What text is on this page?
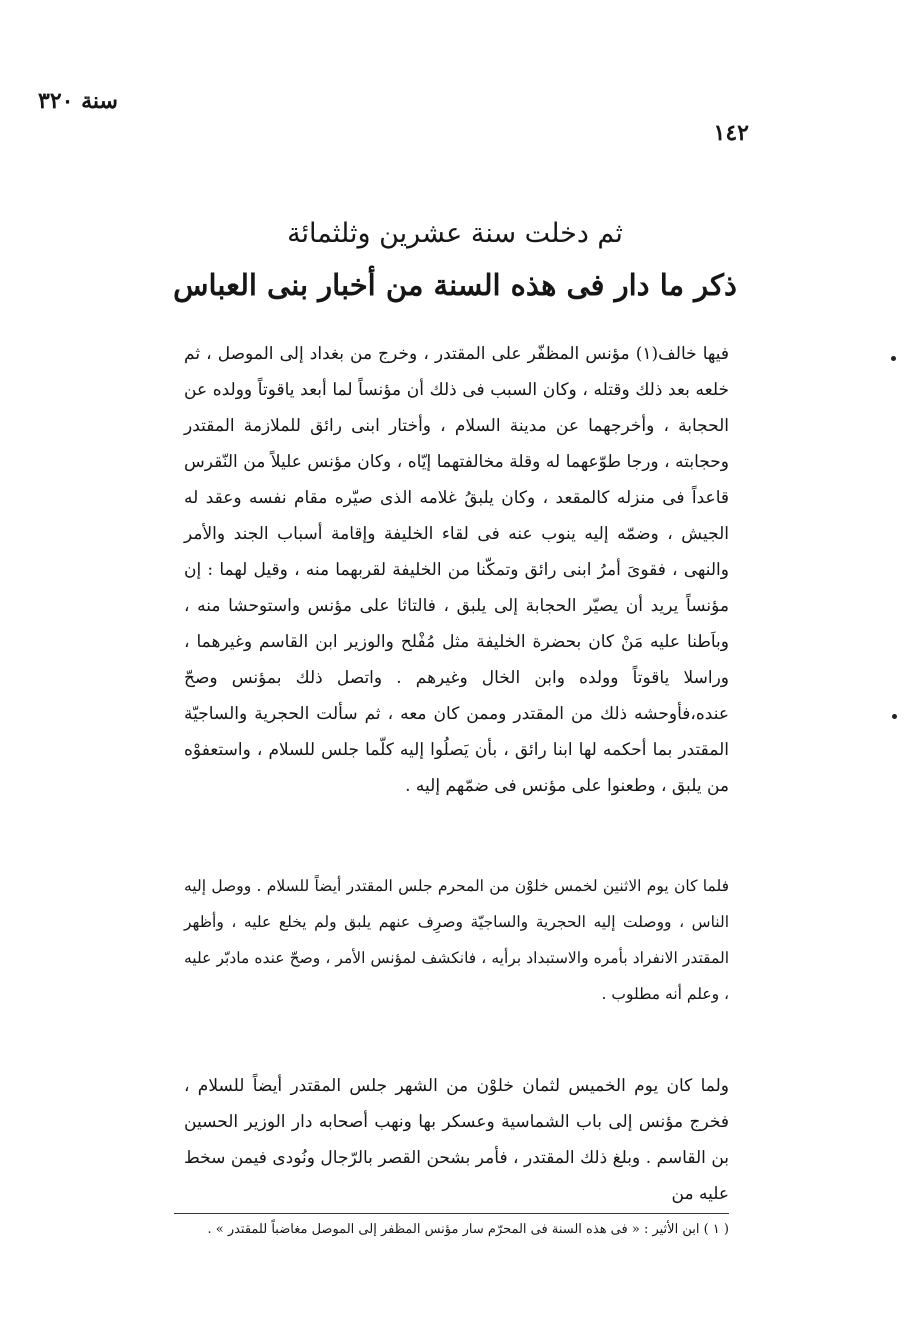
سنة ٣٢٠
١٤٢
ثم دخلت سنة عشرين وثلثمائة
ذكر ما دار فى هذه السنة من أخبار بنى العباس

فيها خالف(١) مؤنس المظفّر على المقتدر ، وخرج من بغداد إلى الموصل ، ثم خلعه بعد ذلك وقتله ، وكان السبب فى ذلك أن مؤنساً لما أبعد ياقوتاً وولده عن الحجابة ، وأخرجهما عن مدينة السلام ، وأختار ابنى رائق للملازمة المقتدر وحجابته ، ورجا طوّعهما له وقلة مخالفتهما إيّاه ، وكان مؤنس عليلاً من النّقرس قاعداً فى منزله كالمقعد ، وكان يلبقُ غلامه الذى صيّره مقام نفسه وعقد له الجيش ، وضمّه إليه ينوب عنه فى لقاء الخليفة وإقامة أسباب الجند والأمر والنهى ، فقوىَ أمرُ ابنى رائق وتمكّنا من الخليفة لقربهما منه ، وقيل لهما : إن مؤنساً يريد أن يصيّر الحجابة إلى يلبق ، فالتاثا على مؤنس واستوحشا منه ، وباَطنا عليه مَنْ كان بحضرة الخليفة مثل مُفْلح والوزير ابن القاسم وغيرهما ، وراسلا ياقوتاً وولده وابن الخال وغيرهم . واتصل ذلك بمؤنس وصحّ عنده،فأوحشه ذلك من المقتدر وممن كان معه ، ثم سألت الحجرية والساجيّة المقتدر بما أحكمه لها ابنا رائق ، بأن يَصلُوا إليه كلّما جلس للسلام ، واستعفوْه من يلبق ، وطعنوا على مؤنس فى ضمّهم إليه .

فلما كان يوم الاثنين لخمس خلوْن من المحرم جلس المقتدر أيضاً للسلام . ووصل إليه الناس ، ووصلت إليه الحجرية والساجيّة وصرِف عنهم يلبق ولم يخلع عليه ، وأظهر المقتدر الانفراد بأمره والاستبداد برأيه ، فانكشف لمؤنس الأمر ، وصحّ عنده مادبّر عليه ، وعلم أنه مطلوب .

ولما كان يوم الخميس لثمان خلوْن من الشهر جلس المقتدر أيضاً للسلام ، فخرج مؤنس إلى باب الشماسية وعسكر بها ونهب أصحابه دار الوزير الحسين بن القاسم . وبلغ ذلك المقتدر ، فأمر بشحن القصر بالرّجال ونُودى فيمن سخط عليه من

( ١ ) ابن الأثير : « فى هذه السنة فى المحرّم سار مؤنس المظفر إلى الموصل مغاضباً للمقتدر » .
